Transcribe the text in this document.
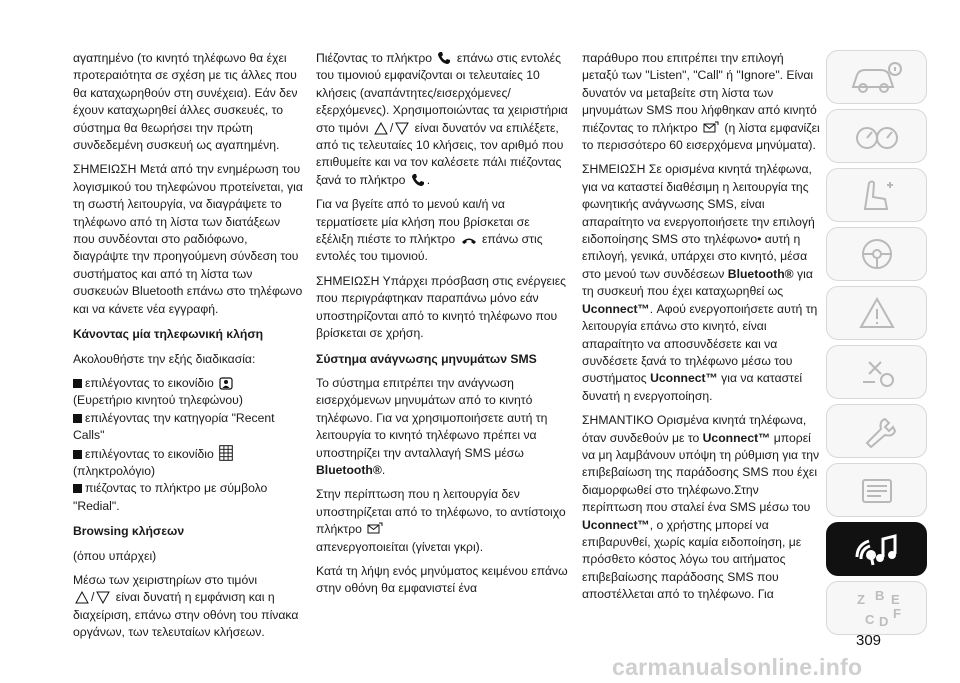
αγαπημένο (το κινητό τηλέφωνο θα έχει προτεραιότητα σε σχέση με τις άλλες που θα καταχωρηθούν στη συνέχεια). Εάν δεν έχουν καταχωρηθεί άλλες συσκευές, το σύστημα θα θεωρήσει την πρώτη συνδεδεμένη συσκευή ως αγαπημένη.

ΣΗΜΕΙΩΣΗ Μετά από την ενημέρωση του λογισμικού του τηλεφώνου προτείνεται, για τη σωστή λειτουργία, να διαγράψετε το τηλέφωνο από τη λίστα των διατάξεων που συνδέονται στο ραδιόφωνο, διαγράψτε την προηγούμενη σύνδεση του συστήματος και από τη λίστα των συσκευών Bluetooth επάνω στο τηλέφωνο και να κάνετε νέα εγγραφή.

Κάνοντας μία τηλεφωνική κλήση

Ακολουθήστε την εξής διαδικασία:

επιλέγοντας το εικονίδιο
(Ευρετήριο κινητού τηλεφώνου)
επιλέγοντας την κατηγορία "Recent Calls"
επιλέγοντας το εικονίδιο
(πληκτρολόγιο)
πιέζοντας το πλήκτρο με σύμβολο "Redial".

Browsing κλήσεων

(όπου υπάρχει)

Μέσω των χειριστηρίων στο τιμόνι
/ είναι δυνατή η εμφάνιση και η διαχείριση, επάνω στην οθόνη του πίνακα οργάνων, των τελευταίων κλήσεων.

Πιέζοντας το πλήκτρο επάνω στις εντολές του τιμονιού εμφανίζονται οι τελευταίες 10 κλήσεις (αναπάντητες/εισερχόμενες/εξερχόμενες). Χρησιμοποιώντας τα χειριστήρια στο τιμόνι / είναι δυνατόν να επιλέξετε, από τις τελευταίες 10 κλήσεις, τον αριθμό που επιθυμείτε και να τον καλέσετε πάλι πιέζοντας ξανά το πλήκτρο .

Για να βγείτε από το μενού και/ή να τερματίσετε μία κλήση που βρίσκεται σε εξέλιξη πιέστε το πλήκτρο επάνω στις εντολές του τιμονιού.

ΣΗΜΕΙΩΣΗ Υπάρχει πρόσβαση στις ενέργειες που περιγράφτηκαν παραπάνω μόνο εάν υποστηρίζονται από το κινητό τηλέφωνο που βρίσκεται σε χρήση.

Σύστημα ανάγνωσης μηνυμάτων SMS

Το σύστημα επιτρέπει την ανάγνωση εισερχόμενων μηνυμάτων από το κινητό τηλέφωνο. Για να χρησιμοποιήσετε αυτή τη λειτουργία το κινητό τηλέφωνο πρέπει να υποστηρίζει την ανταλλαγή SMS μέσω Bluetooth®.

Στην περίπτωση που η λειτουργία δεν υποστηρίζεται από το τηλέφωνο, το αντίστοιχο πλήκτρο

απενεργοποιείται (γίνεται γκρι).

Κατά τη λήψη ενός μηνύματος κειμένου επάνω στην οθόνη θα εμφανιστεί ένα

παράθυρο που επιτρέπει την επιλογή μεταξύ των "Listen", "Call" ή "Ignore". Είναι δυνατόν να μεταβείτε στη λίστα των μηνυμάτων SMS που λήφθηκαν από κινητό πιέζοντας το πλήκτρο (η λίστα εμφανίζει το περισσότερο 60 εισερχόμενα μηνύματα).

ΣΗΜΕΙΩΣΗ Σε ορισμένα κινητά τηλέφωνα, για να καταστεί διαθέσιμη η λειτουργία της φωνητικής ανάγνωσης SMS, είναι απαραίτητο να ενεργοποιήσετε την επιλογή ειδοποίησης SMS στο τηλέφωνο• αυτή η επιλογή, γενικά, υπάρχει στο κινητό, μέσα στο μενού των συνδέσεων Bluetooth® για τη συσκευή που έχει καταχωρηθεί ως Uconnect™. Αφού ενεργοποιήσετε αυτή τη λειτουργία επάνω στο κινητό, είναι απαραίτητο να αποσυνδέσετε και να συνδέσετε ξανά το τηλέφωνο μέσω του συστήματος Uconnect™ για να καταστεί δυνατή η ενεργοποίηση.

ΣΗΜΑΝΤΙΚΟ Ορισμένα κινητά τηλέφωνα, όταν συνδεθούν με το Uconnect™ μπορεί να μη λαμβάνουν υπόψη τη ρύθμιση για την επιβεβαίωση της παράδοσης SMS που έχει διαμορφωθεί στο τηλέφωνο.Στην περίπτωση που σταλεί ένα SMS μέσω του Uconnect™, ο χρήστης μπορεί να επιβαρυνθεί, χωρίς καμία ειδοποίηση, με πρόσθετο κόστος λόγω του αιτήματος επιβεβαίωσης παράδοσης SMS που αποστέλλεται από το τηλέφωνο. Για	Z B E
C D
F
309
carmanualsonline.info
